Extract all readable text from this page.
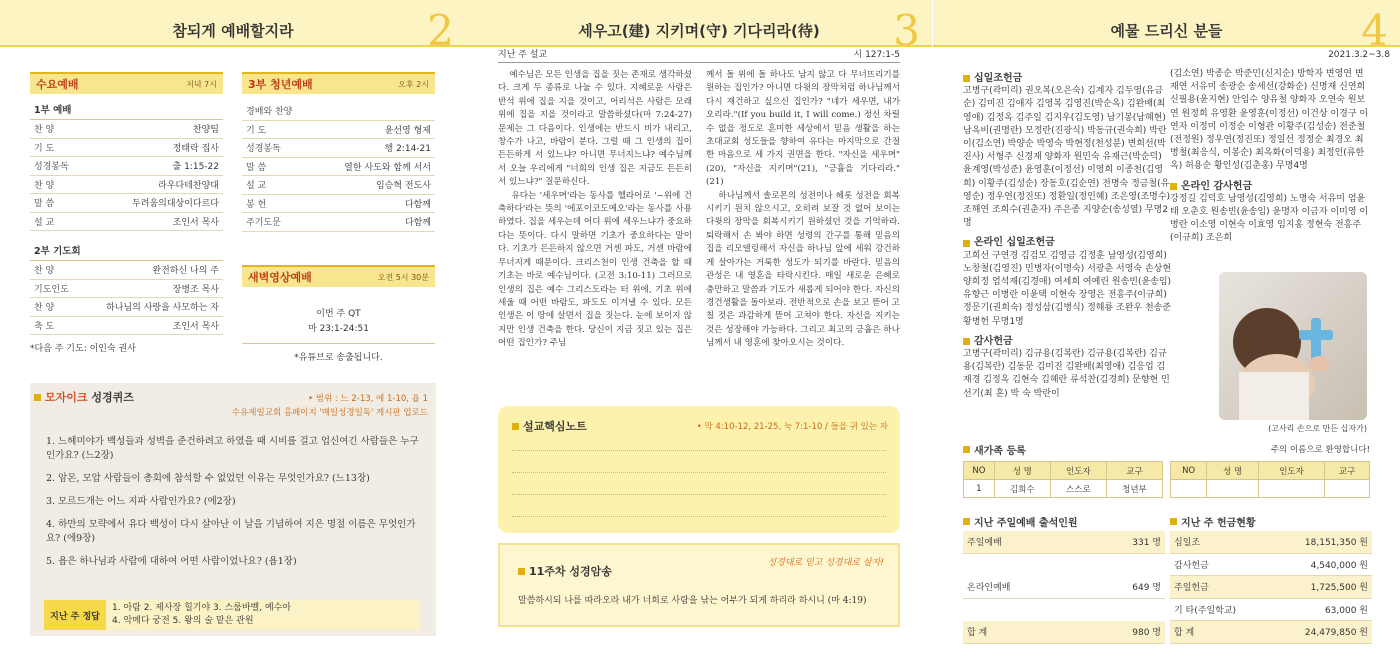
참되게 예배할지라	2
수요예배	저녁 7시
1부 예배
찬 양	찬양팀
기 도	정태락 집사
성경봉독	출 1:15-22
찬 양	라우다테찬양대
말 씀	두려움의대상이다르다
설 교	조인서 목사
2부 기도회
찬 양	완전하신 나의 주
기도인도	장병조 목사
찬 양	하나님의 사랑을 사모하는 자
축 도	조인서 목사
*다음 주 기도: 이인숙 권사
3부 청년예배	오후 2시
경배와 찬양
기 도	윤선영 형제
성경봉독	행 2:14-21
말 씀	열한 사도와 함께 서서
설 교	임승혁 전도사
봉 헌	다함께
주기도문	다함께
새벽영상예배	오전 5시 30분
이번 주 QT
마 23:1-24:51
*유튜브로 송출됩니다.
모자이크 성경퀴즈	• 범위 : 느 2-13, 에 1-10, 욥 1
수유제일교회 홈페이지 '매일성경일독' 게시판 업로드
1. 느헤미야가 백성들과 성벽을 준건하려고 하였을 때 시비를 걸고 업신여긴 사람들은 누구인가요? (느2장)
2. 암몬, 모압 사람들이 총회에 참석할 수 없었던 이유는 무엇인가요? (느13장)
3. 모르드개는 어느 지파 사람인가요? (에2장)
4. 하만의 모략에서 유다 백성이 다시 살아난 이 날을 기념하여 지은 명절 이름은 무엇인가요? (에9장)
5. 욥은 하나님과 사람에 대하여 어떤 사람이었나요? (욥1장)
지난 주 정답
1. 아람 2. 제사장 힐기야 3. 스룹바벨, 예수아
4. 악메다 궁전 5. 왕의 술 맡은 관원
세우고(建) 지키며(守) 기다리라(待)	3
지난 주 설교	시 127:1-5

예수님은 모든 인생을 집을 짓는 존재로 생각하셨다. 크게 두 종류로 나눌 수 있다. 지혜로운 사람은 반석 위에 집을 지을 것이고, 어리석은 사람은 모래 위에 집을 지을 것이라고 말씀하셨다(마 7:24-27) 문제는 그 다음이다. 인생에는 반드시 비가 내리고, 창수가 나고, 바람이 분다. 그럴 때 그 인생의 집이 든든하게 서 있느냐? 아니면 무너지느냐? 예수님께서 오늘 우리에게 "너희의 인생 집은 지금도 든든히 서 있느냐?" 질문하신다.
유다는 '세우며'라는 동사를 헬라어로 '~위에 건축하다'라는 뜻의 '에포이코도메오'라는 동사를 사용하였다. 집을 세우는데 어디 위에 세우느냐가 중요하다는 뜻이다. 다시 말하면 기초가 중요하다는 말이다. 기초가 든든하지 않으면 거센 파도, 거센 바람에 무너지게 때문이다. 크리스천이 인생 건축을 할 때 기초는 바로 예수님이다. (고전 3:10-11) 그러므로 인생의 집은 예수 그리스도라는 터 위에, 기초 위에 세울 때 어떤 바람도, 파도도 이겨낼 수 있다. 모든 인생은 이 땅에 살면서 집을 짓는다. 눈에 보이지 않지만 인생 건축을 한다. 당신이 지금 짓고 있는 집은 어떤 집인가? 주님

께서 돌 위에 돌 하나도 남지 않고 다 무너뜨리기를 원하는 집인가? 아니면 다윗의 장막처럼 하나님께서 다시 재건하고 싶으신 집인가? "네가 세우면, 내가 오리라."(If you build it, I will come.) 정신 차릴 수 없을 정도로 혼미한 세상에서 믿음 생활을 하는 초대교회 성도들을 향하여 유다는 마지막으로 간절한 마음으로 세 가지 권면을 한다. "자신을 세우며"(20), "자신을 지키며"(21), "긍휼을 기다리라."(21)
하나님께서 솔로몬의 성전이나 헤롯 성전을 회복시키기 원치 않으시고, 오히려 보잘 것 없어 보이는 다윗의 장막을 회복시키기 원하셨던 것을 기억하라. 퇴락해서 손 봐야 하면 성령의 간구를 통해 믿음의 집을 리모델링해서 자신을 하나님 앞에 세워 강건하게 살아가는 거룩한 성도가 되기를 바란다. 믿음의 관성은 내 영혼을 타락시킨다. 매일 새로운 은혜로 충만하고 말씀과 기도가 새롭게 되어야 한다. 자신의 경건생활을 돌아보라. 전반적으로 손을 보고 뜯어 고칠 것은 과감하게 뜯어 고쳐야 한다. 자신을 지키는 것은 성장해야 가능하다. 그리고 최고의 긍휼은 하나님께서 내 영혼에 찾아오시는 것이다.

설교핵심노트	• 막 4:10-12, 21-25, 눅 7:1-10 / 들을 귀 있는 자
11주차 성경암송
성경대로 믿고 성경대로 살자!
말씀하시되 나를 따라오라 내가 너희로 사람을 낚는 어부가 되게 하리라 하시니 (마 4:19)
예물 드리신 분들	4
2021.3.2~3.8
십일조헌금
고병구(곽미리) 권오복(오은숙) 김계자 김두영(유금순) 김미진 김애자 김영복 김영진(박순옥) 김완배(최영애) 김정옥 김주일 김지우(김도영) 남기봉(남혜현) 남옥비(권명란) 모정란(진광식) 박동규(권숙희) 박란이(김소연) 박양순 박영숙 박현정(천성분) 변희선(박진사) 서형주 신경재 양화자 원민숙 유재근(박순덕) 윤계영(박성준) 윤영훈(이정선) 이영희 이종천(김영희) 이황주(김성순) 장동호(김순연) 전명숙 정금철(유영순) 정우연(정진또) 정환일(정인혜) 조은영(조명수) 조해연 조희수(권춘자) 주은종 지양순(송성열) 무명2명
온라인 십일조헌금
고희선 구연경 김검모 김영금 김정훈 남영성(김영희) 노창철(김영진) 민병자(이명숙) 서광춘 서영숙 손상현 양희정 엄석재(김경애) 여세희 여예린 원송빈(윤송임) 유향근 이병란 이윤택 이현숙 장영은 전흥주(이규희) 정문기(권희숙) 정성삼(김병식) 정해룡 조완우 천송준 황병헌 무명1명
감사헌금
고병구(곽미리) 김규용(김복란) 김규용(김복란) 김규용(김복란) 김동문 김미진 김완배(최영애) 김응업 김재경 김정옥 김현숙 김혜란 류석찬(김경희) 문향현 민선기(최 훈) 박 숙 박란이
(김소연) 박종순 박준민(신지순) 방학자 변영연 변재연 서유미 송광순 송세선(강화순) 신명재 신연희 신필용(윤지현) 안임수 양유철 양화자 오연숙 원보연 원정희 유영환 윤영훈(이정선) 이건상 이경구 이연자 이정미 이정순 이형관 이황주(김성순) 전준철(전정원) 정우연(정진또) 정일선 정정순 최경오 최병철(최응식, 이봉순) 최옥화(이덕용) 최정인(류한옥) 허용순 황인성(김춘홍) 무명4명
온라인 감사헌금
강정길 김덕호 남영성(김영희) 노명숙 서유미 엄윤태 오춘호 원송빈(윤송임) 윤명자 이금자 이미영 이병란 이소영 이현숙 이효영 임지홍 정현숙 전흥주(이규희) 조은희
(고사리 손으로 만든 십자가)
새가족 등록	주의 이름으로 환영합니다!
NO	성 명	인도자	교구
1	김희수	스스로	청년부
NO	성 명	인도자	교구

지난 주일예배 출석인원
주일예배	331 명
온라인예배	649 명
합 계	980 명
지난 주 헌금현황
십일조	18,151,350 원
감사헌금	4,540,000 원
주일헌금	1,725,500 원
기 타(주일학교)	63,000 원
합 계	24,479,850 원
